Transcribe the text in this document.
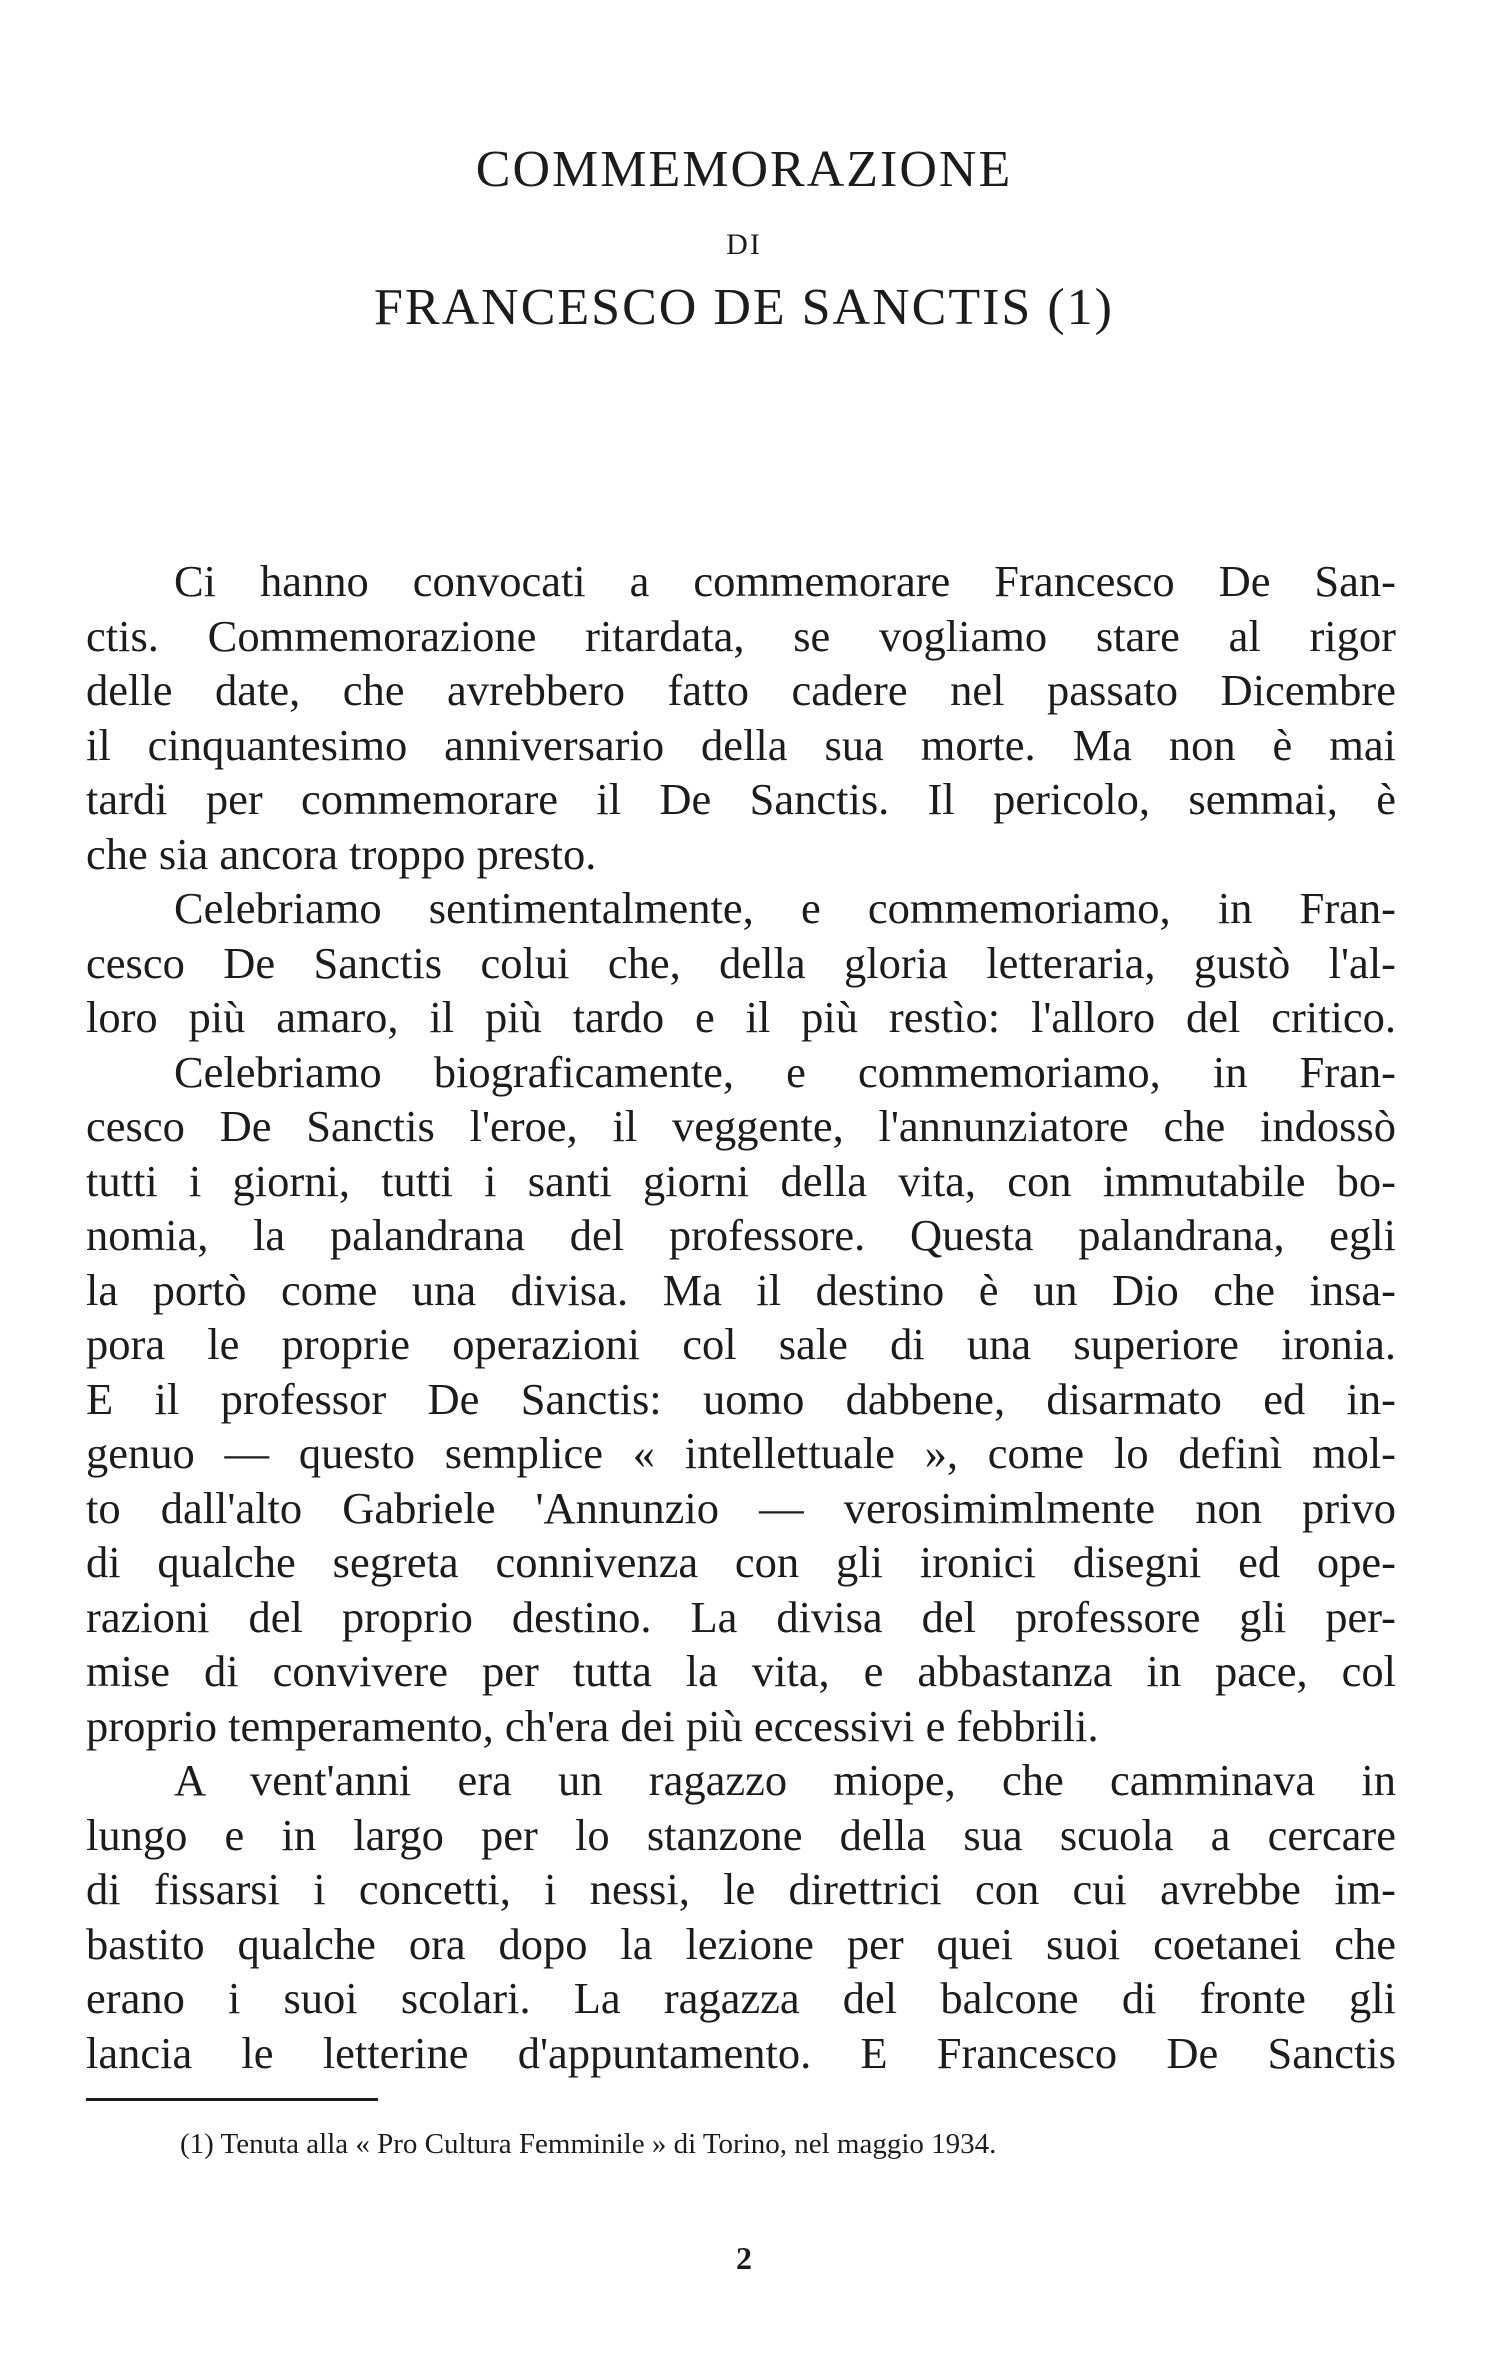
COMMEMORAZIONE
DI
FRANCESCO DE SANCTIS (1)
Ci hanno convocati a commemorare Francesco De San-
ctis. Commemorazione ritardata, se vogliamo stare al rigor
delle date, che avrebbero fatto cadere nel passato Dicembre
il cinquantesimo anniversario della sua morte. Ma non è mai
tardi per commemorare il De Sanctis. Il pericolo, semmai, è
che sia ancora troppo presto.
Celebriamo sentimentalmente, e commemoriamo, in Fran-
cesco De Sanctis colui che, della gloria letteraria, gustò l'al-
loro più amaro, il più tardo e il più restìo: l'alloro del critico.
Celebriamo biograficamente, e commemoriamo, in Fran-
cesco De Sanctis l'eroe, il veggente, l'annunziatore che indossò
tutti i giorni, tutti i santi giorni della vita, con immutabile bo-
nomia, la palandrana del professore. Questa palandrana, egli
la portò come una divisa. Ma il destino è un Dio che insa-
pora le proprie operazioni col sale di una superiore ironia.
E il professor De Sanctis: uomo dabbene, disarmato ed in-
genuo — questo semplice « intellettuale », come lo definì mol-
to dall'alto Gabriele 'Annunzio — verosimimlmente non privo
di qualche segreta connivenza con gli ironici disegni ed ope-
razioni del proprio destino. La divisa del professore gli per-
mise di convivere per tutta la vita, e abbastanza in pace, col
proprio temperamento, ch'era dei più eccessivi e febbrili.
A vent'anni era un ragazzo miope, che camminava in
lungo e in largo per lo stanzone della sua scuola a cercare
di fissarsi i concetti, i nessi, le direttrici con cui avrebbe im-
bastito qualche ora dopo la lezione per quei suoi coetanei che
erano i suoi scolari. La ragazza del balcone di fronte gli
lancia le letterine d'appuntamento. E Francesco De Sanctis
(1) Tenuta alla « Pro Cultura Femminile » di Torino, nel maggio 1934.
2
